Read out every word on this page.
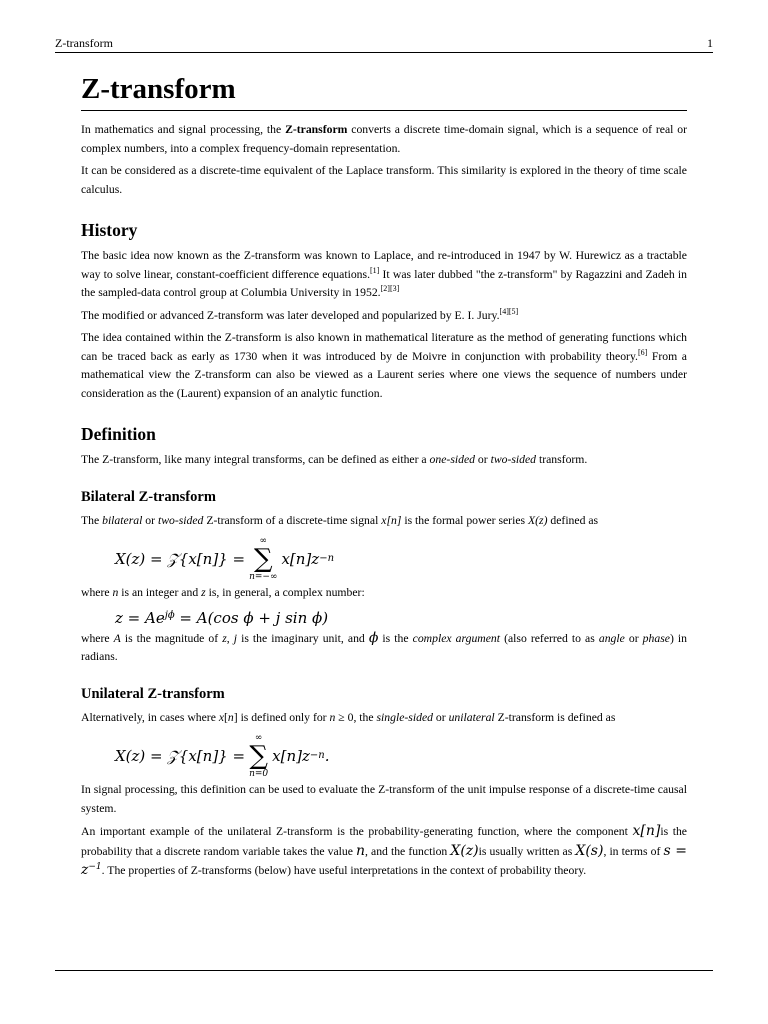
Z-transform	1
Z-transform

In mathematics and signal processing, the Z-transform converts a discrete time-domain signal, which is a sequence of real or complex numbers, into a complex frequency-domain representation.

It can be considered as a discrete-time equivalent of the Laplace transform. This similarity is explored in the theory of time scale calculus.

History

The basic idea now known as the Z-transform was known to Laplace, and re-introduced in 1947 by W. Hurewicz as a tractable way to solve linear, constant-coefficient difference equations.[1] It was later dubbed "the z-transform" by Ragazzini and Zadeh in the sampled-data control group at Columbia University in 1952.[2][3]

The modified or advanced Z-transform was later developed and popularized by E. I. Jury.[4][5]

The idea contained within the Z-transform is also known in mathematical literature as the method of generating functions which can be traced back as early as 1730 when it was introduced by de Moivre in conjunction with probability theory.[6] From a mathematical view the Z-transform can also be viewed as a Laurent series where one views the sequence of numbers under consideration as the (Laurent) expansion of an analytic function.

Definition

The Z-transform, like many integral transforms, can be defined as either a one-sided or two-sided transform.

Bilateral Z-transform

The bilateral or two-sided Z-transform of a discrete-time signal x[n] is the formal power series X(z) defined as

X(z) = 𝒵{x[n]} =
∞
∑
n=−∞
x[n]z −n

where n is an integer and z is, in general, a complex number:

$z = Ae^{j\phi} = A(\cos$ ϕ + j sin ϕ)

where A is the magnitude of z, j is the imaginary unit, and ϕ is the complex argument (also referred to as angle or phase) in radians.

Unilateral Z-transform

Alternatively, in cases where x[n] is defined only for n ≥ 0, the single-sided or unilateral Z-transform is defined as

X(z) = 𝒵{x[n]} =
∞
∑
n=0
x[n]z −n .

In signal processing, this definition can be used to evaluate the Z-transform of the unit impulse response of a discrete-time causal system.

An important example of the unilateral Z-transform is the probability-generating function, where the component x[n]is the probability that a discrete random variable takes the value n, and the function X(z)is usually written as X(s), in terms of $s = z^{-1}$. The properties of Z-transforms (below) have useful interpretations in the context of probability theory.
